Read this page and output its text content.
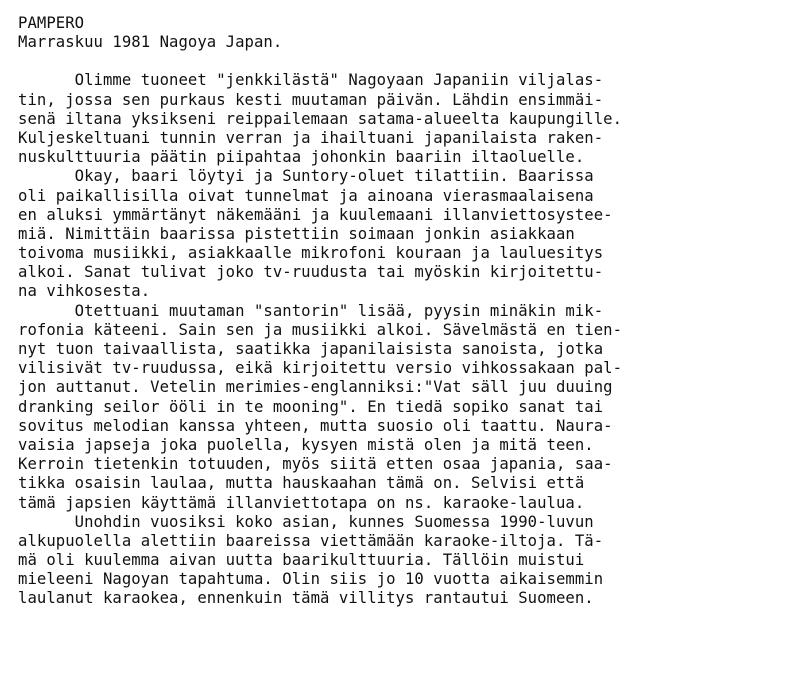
PAMPERO
Marraskuu 1981 Nagoya Japan.
Olimme tuoneet "jenkkilästä" Nagoyaan Japaniin viljalas-
tin, jossa sen purkaus kesti muutaman päivän. Lähdin ensimmäi-
senä iltana yksikseni reippailemaan satama-alueelta kaupungille.
Kuljeskeltuani tunnin verran ja ihailtuani japanilaista raken-
nuskulttuuria päätin piipahtaa johonkin baariin iltaoluelle.
Okay, baari löytyi ja Suntory-oluet tilattiin. Baarissa
oli paikallisilla oivat tunnelmat ja ainoana vierasmaalaisena
en aluksi ymmärtänyt näkemääni ja kuulemaani illanviettosystee-
miä. Nimittäin baarissa pistettiin soimaan jonkin asiakkaan
toivoma musiikki, asiakkaalle mikrofoni kouraan ja lauluesitys
alkoi. Sanat tulivat joko tv-ruudusta tai myöskin kirjoitettu-
na vihkosesta.
Otettuani muutaman "santorin" lisää, pyysin minäkin mik-
rofonia käteeni. Sain sen ja musiikki alkoi. Sävelmästä en tien-
nyt tuon taivaallista, saatikka japanilaisista sanoista, jotka
vilisivät tv-ruudussa, eikä kirjoitettu versio vihkossakaan pal-
jon auttanut. Vetelin merimies-englanniksi:"Vat säll juu duuing
dranking seilor ööli in te mooning". En tiedä sopiko sanat tai
sovitus melodian kanssa yhteen, mutta suosio oli taattu. Naura-
vaisia japseja joka puolella, kysyen mistä olen ja mitä teen.
Kerroin tietenkin totuuden, myös siitä etten osaa japania, saa-
tikka osaisin laulaa, mutta hauskaahan tämä on. Selvisi että
tämä japsien käyttämä illanviettotapa on ns. karaoke-laulua.
Unohdin vuosiksi koko asian, kunnes Suomessa 1990-luvun
alkupuolella alettiin baareissa viettämään karaoke-iltoja. Tä-
mä oli kuulemma aivan uutta baarikulttuuria. Tällöin muistui
mieleeni Nagoyan tapahtuma. Olin siis jo 10 vuotta aikaisemmin
laulanut karaokea, ennenkuin tämä villitys rantautui Suomeen.
